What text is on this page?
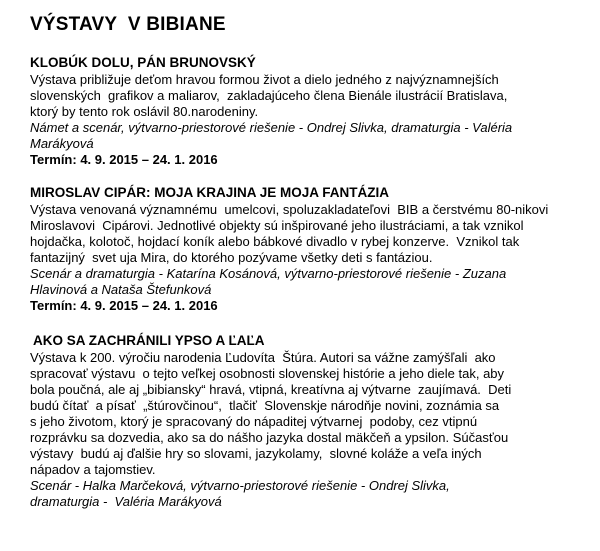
VÝSTAVY  V BIBIANE
KLOBÚK DOLU, PÁN BRUNOVSKÝ

Výstava približuje deťom hravou formou život a dielo jedného z najvýznamnejších
slovenských  grafikov a maliarov,  zakladajúceho člena Bienále ilustrácií Bratislava,
ktorý by tento rok oslávil 80.narodeniny.

Námet a scenár, výtvarno-priestorové riešenie - Ondrej Slivka, dramaturgia - Valéria
Marákyová

Termín: 4. 9. 2015 – 24. 1. 2016
MIROSLAV CIPÁR: MOJA KRAJINA JE MOJA FANTÁZIA

Výstava venovaná významnému  umelcovi, spoluzakladateľovi  BIB a čerstvému 80-nikovi
Miroslavovi  Cipárovi. Jednotlivé objekty sú inšpirované jeho ilustráciami, a tak vznikol
hojdačka, kolotoč, hojdací koník alebo bábkové divadlo v rybej konzerve.  Vznikol tak
fantazijný  svet uja Mira, do ktorého pozývame všetky deti s fantáziou.

Scenár a dramaturgia - Katarína Kosánová, výtvarno-priestorové riešenie - Zuzana
Hlavinová a Nataša Štefunková

Termín: 4. 9. 2015 – 24. 1. 2016
AKO SA ZACHRÁNILI YPSO A ĽAĽA

Výstava k 200. výročiu narodenia Ľudovíta  Štúra. Autori sa vážne zamýšľali  ako
spracovať výstavu  o tejto veľkej osobnosti slovenskej histórie a jeho diele tak, aby
bola poučná, ale aj „bibiansky“ hravá, vtipná, kreatívna aj výtvarne  zaujímavá.  Deti
budú čítať  a písať  „štúrovčinou“,  tlačiť  Slovenskje národňje novini, zoznámia sa
s jeho životom, ktorý je spracovaný do nápaditej výtvarnej  podoby, cez vtipnú
rozprávku sa dozvedia, ako sa do nášho jazyka dostal mäkčeň a ypsilon. Súčasťou
výstavy  budú aj ďalšie hry so slovami, jazykolamy,  slovné koláže a veľa iných
nápadov a tajomstiev.

Scenár - Halka Marčeková, výtvarno-priestorové riešenie - Ondrej Slivka,
dramaturgia -  Valéria Marákyová
